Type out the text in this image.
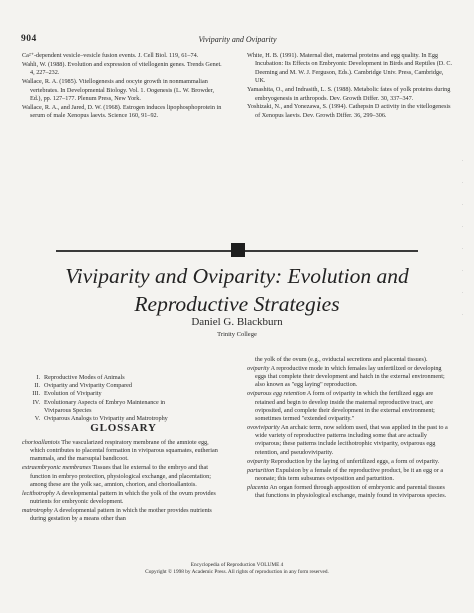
904	Viviparity and Oviparity

Ca²⁺-dependent vesicle–vesicle fusion events. J. Cell Biol. 119, 61–74.

Wahli, W. (1988). Evolution and expression of vitellogenin genes. Trends Genet. 4, 227–232.

Wallace, R. A. (1985). Vitellogenesis and oocyte growth in nonmammalian vertebrates. In Developmental Biology. Vol. 1. Oogenesis (L. W. Browder, Ed.), pp. 127–177. Plenum Press, New York.

Wallace, R. A., and Jared, D. W. (1968). Estrogen induces lipophosphoprotein in serum of male Xenopus laevis. Science 160, 91–92.

White, H. B. (1991). Maternal diet, maternal proteins and egg quality. In Egg Incubation: Its Effects on Embryonic Development in Birds and Reptiles (D. C. Deeming and M. W. J. Ferguson, Eds.). Cambridge Univ. Press, Cambridge, UK.

Yamashita, O., and Indrasith, L. S. (1988). Metabolic fates of yolk proteins during embryogenesis in arthropods. Dev. Growth Differ. 30, 337–347.

Yoshizaki, N., and Yonezawa, S. (1994). Cathepsin D activity in the vitellogenesis of Xenopus laevis. Dev. Growth Differ. 36, 299–306.

Viviparity and Oviparity: Evolution and
Reproductive Strategies
Daniel G. Blackburn
Trinity College
I. Reproductive Modes of Animals
II. Oviparity and Viviparity Compared
III. Evolution of Viviparity
IV. Evolutionary Aspects of Embryo Maintenance in
Viviparous Species
V. Oviparous Analogs to Viviparity and Matrotrophy
GLOSSARY

chorioallantois The vascularized respiratory membrane of the amniote egg, which contributes to placental formation in viviparous squamates, eutherian mammals, and the marsupial bandicoot.

extraembryonic membranes Tissues that lie external to the embryo and that function in embryo protection, physiological exchange, and placentation; among these are the yolk sac, amnion, chorion, and chorioallantois.

lecithotrophy A developmental pattern in which the yolk of the ovum provides nutrients for embryonic development.

matrotrophy A developmental pattern in which the mother provides nutrients during gestation by a means other than

the yolk of the ovum (e.g., oviductal secretions and placental tissues).

oviparity A reproductive mode in which females lay unfertilized or developing eggs that complete their development and hatch in the external environment; also known as "egg laying" reproduction.

oviparous egg retention A form of oviparity in which the fertilized eggs are retained and begin to develop inside the maternal reproductive tract, are oviposited, and complete their development in the external environment; sometimes termed "extended oviparity."

ovoviviparity An archaic term, now seldom used, that was applied in the past to a wide variety of reproductive patterns including some that are actually oviparous; these patterns include lecithotrophic viviparity, oviparous egg retention, and pseudoviviparity.

oviparity Reproduction by the laying of unfertilized eggs, a form of oviparity.

parturition Expulsion by a female of the reproductive product, be it an egg or a neonate; this term subsumes oviposition and parturition.

placenta An organ formed through apposition of embryonic and parental tissues that functions in physiological exchange, mainly found in viviparous species.

·
·
·
·
·
·
·
·
Encyclopedia of Reproduction VOLUME 4
Copyright © 1998 by Academic Press. All rights of reproduction in any form reserved.
